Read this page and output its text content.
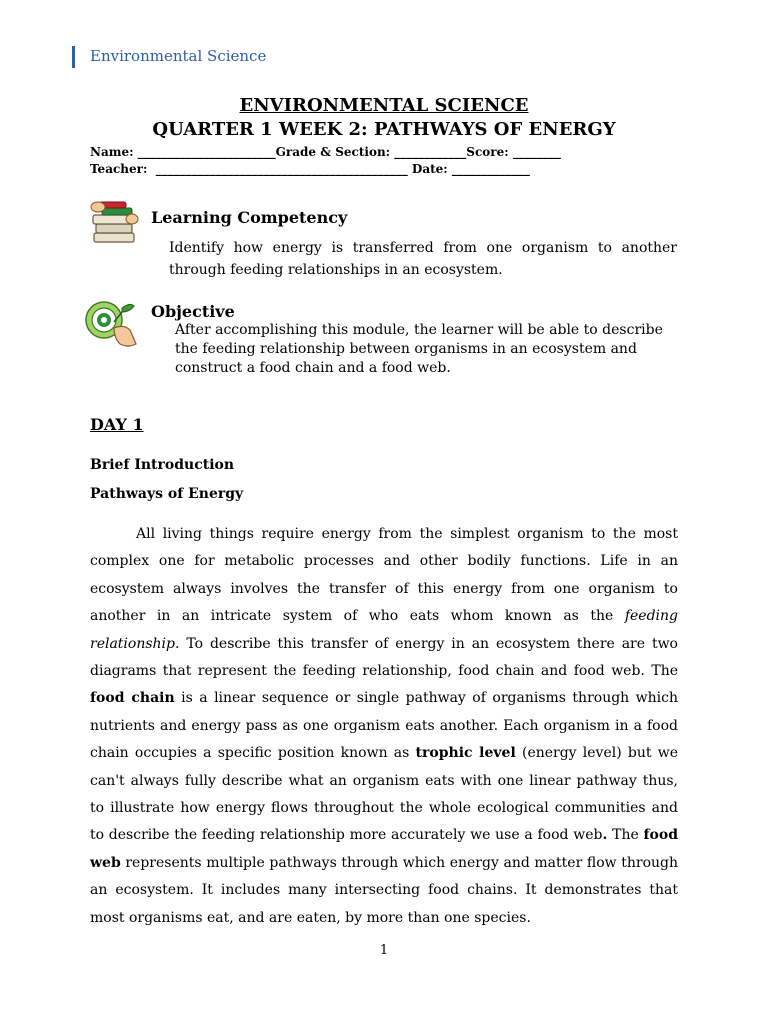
Environmental Science
ENVIRONMENTAL SCIENCE
QUARTER 1 WEEK 2: PATHWAYS OF ENERGY
Name: _______________________Grade & Section: ____________Score: ________
Teacher:  __________________________________________ Date: _____________
Learning Competency
Identify how energy is transferred from one organism to another through feeding relationships in an ecosystem.
Objective
After accomplishing this module, the learner will be able to describe
the feeding relationship between organisms in an ecosystem and
construct a food chain and a food web.
DAY 1
Brief Introduction
Pathways of Energy

All living things require energy from the simplest organism to the most complex one for metabolic processes and other bodily functions. Life in an ecosystem always involves the transfer of this energy from one organism to another in an intricate system of who eats whom known as the feeding relationship. To describe this transfer of energy in an ecosystem there are two diagrams that represent the feeding relationship, food chain and food web. The food chain is a linear sequence or single pathway of organisms through which nutrients and energy pass as one organism eats another. Each organism in a food chain occupies a specific position known as trophic level (energy level) but we can't always fully describe what an organism eats with one linear pathway thus, to illustrate how energy flows throughout the whole ecological communities and to describe the feeding relationship more accurately we use a food web. The food web represents multiple pathways through which energy and matter flow through an ecosystem. It includes many intersecting food chains. It demonstrates that most organisms eat, and are eaten, by more than one species.

1
